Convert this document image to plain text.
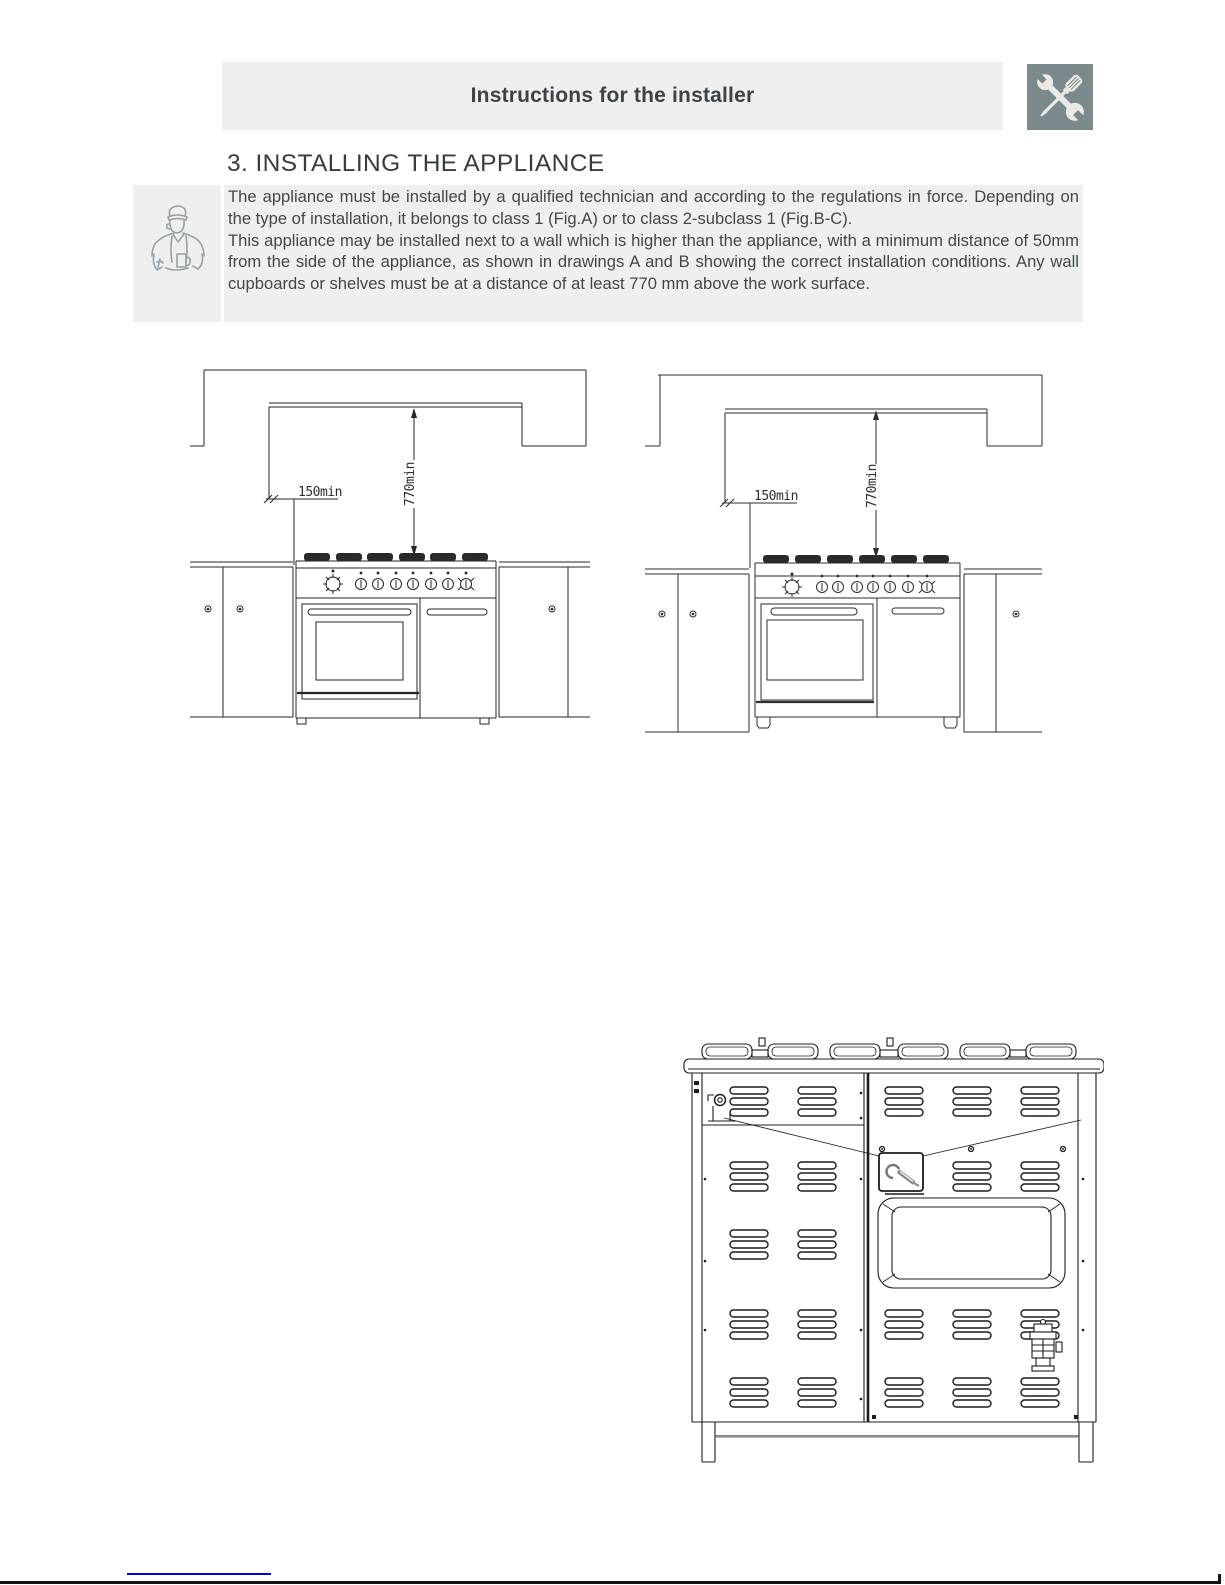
Instructions for the installer
3. INSTALLING THE APPLIANCE

The appliance must be installed by a qualified technician and according to the regulations in force. Depending on the type of installation, it belongs to class 1 (Fig.A) or to class 2-subclass 1 (Fig.B-C).

This appliance may be installed next to a wall which is higher than the appliance, with a minimum distance of 50mm from the side of the appliance, as shown in drawings A and B showing the correct installation conditions. Any wall cupboards or shelves must be at a distance of at least 770 mm above the work surface.

150min	770min	150min	770min
